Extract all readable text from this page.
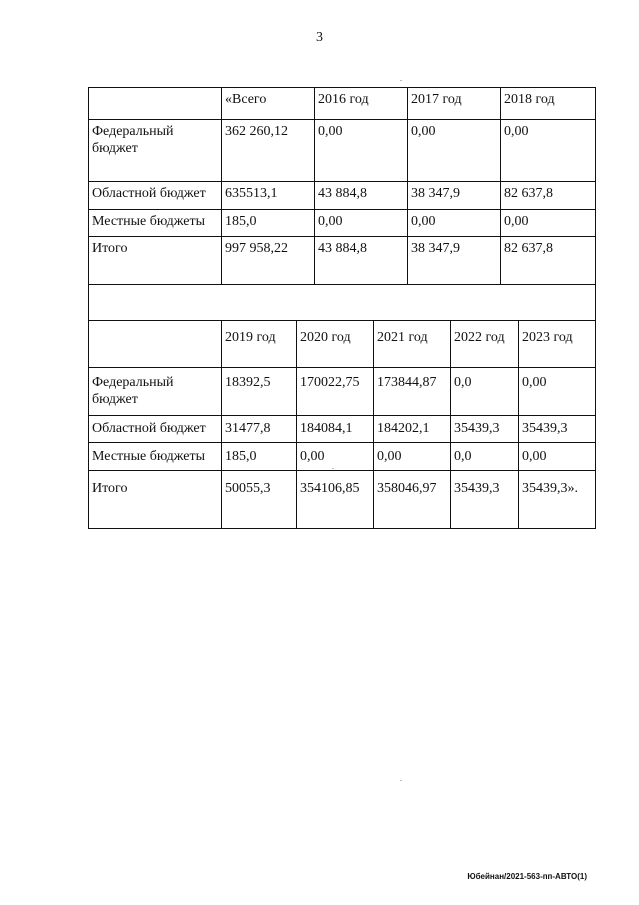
3
	«Всего	2016 год	2017 год	2018 год
Федеральный бюджет	362 260,12	0,00	0,00	0,00
Областной бюджет	635513,1	43 884,8	38 347,9	82 637,8
Местные бюджеты	185,0	0,00	0,00	0,00
Итого	997 958,22	43 884,8	38 347,9	82 637,8

	2019 год	2020 год	2021 год	2022 год	2023 год
Федеральный бюджет	18392,5	170022,75	173844,87	0,0	0,00
Областной бюджет	31477,8	184084,1	184202,1	35439,3	35439,3
Местные бюджеты	185,0	0,00	0,00	0,0	0,00
Итого	50055,3	354106,85	358046,97	35439,3	35439,3».
Юбейнан/2021-563-пп-АВТО(1)
